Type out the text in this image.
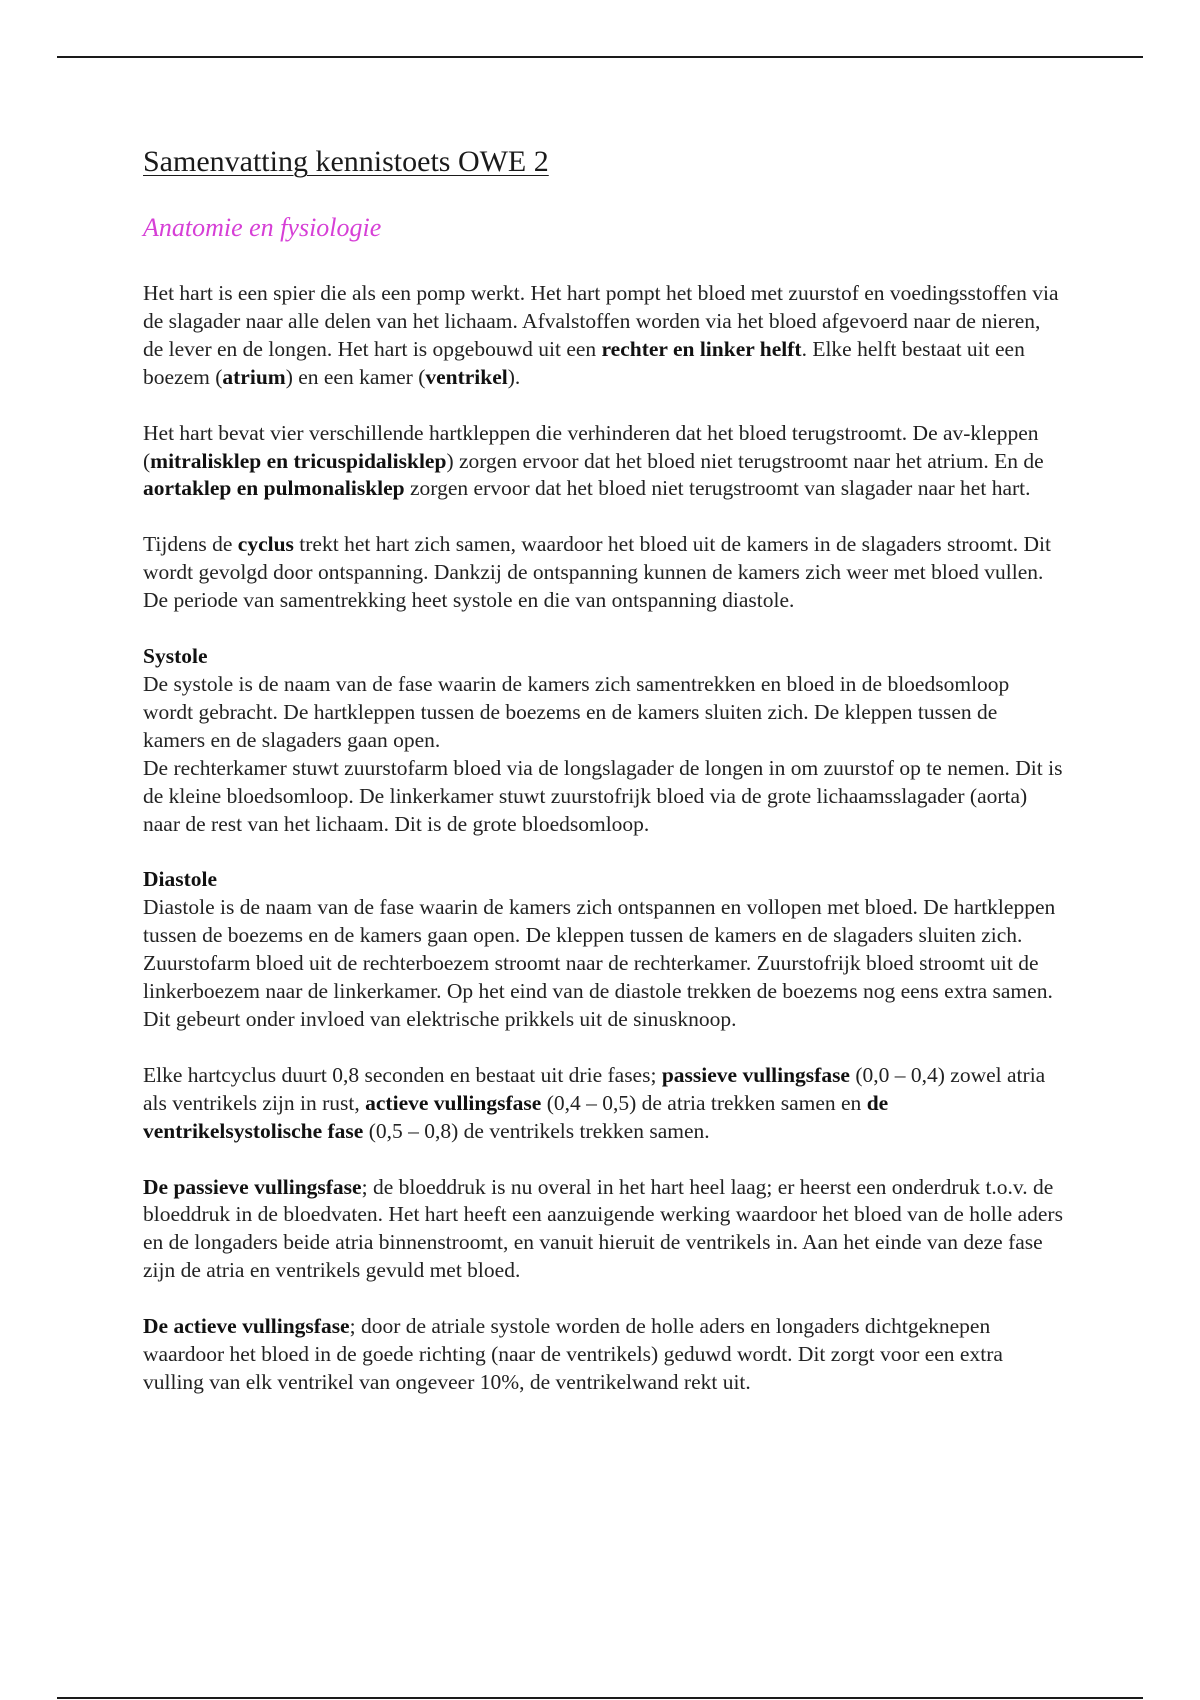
Samenvatting kennistoets OWE 2
Anatomie en fysiologie

Het hart is een spier die als een pomp werkt. Het hart pompt het bloed met zuurstof en voedingsstoffen via de slagader naar alle delen van het lichaam. Afvalstoffen worden via het bloed afgevoerd naar de nieren, de lever en de longen. Het hart is opgebouwd uit een rechter en linker helft. Elke helft bestaat uit een boezem (atrium) en een kamer (ventrikel).

Het hart bevat vier verschillende hartkleppen die verhinderen dat het bloed terugstroomt. De av-kleppen (mitralisklep en tricuspidalisklep) zorgen ervoor dat het bloed niet terugstroomt naar het atrium. En de aortaklep en pulmonalisklep zorgen ervoor dat het bloed niet terugstroomt van slagader naar het hart.

Tijdens de cyclus trekt het hart zich samen, waardoor het bloed uit de kamers in de slagaders stroomt. Dit wordt gevolgd door ontspanning. Dankzij de ontspanning kunnen de kamers zich weer met bloed vullen. De periode van samentrekking heet systole en die van ontspanning diastole.

Systole

De systole is de naam van de fase waarin de kamers zich samentrekken en bloed in de bloedsomloop wordt gebracht. De hartkleppen tussen de boezems en de kamers sluiten zich. De kleppen tussen de kamers en de slagaders gaan open.

De rechterkamer stuwt zuurstofarm bloed via de longslagader de longen in om zuurstof op te nemen. Dit is de kleine bloedsomloop. De linkerkamer stuwt zuurstofrijk bloed via de grote lichaamsslagader (aorta) naar de rest van het lichaam. Dit is de grote bloedsomloop.

Diastole

Diastole is de naam van de fase waarin de kamers zich ontspannen en vollopen met bloed. De hartkleppen tussen de boezems en de kamers gaan open. De kleppen tussen de kamers en de slagaders sluiten zich. Zuurstofarm bloed uit de rechterboezem stroomt naar de rechterkamer. Zuurstofrijk bloed stroomt uit de linkerboezem naar de linkerkamer. Op het eind van de diastole trekken de boezems nog eens extra samen. Dit gebeurt onder invloed van elektrische prikkels uit de sinusknoop.

Elke hartcyclus duurt 0,8 seconden en bestaat uit drie fases; passieve vullingsfase (0,0 – 0,4) zowel atria als ventrikels zijn in rust, actieve vullingsfase (0,4 – 0,5) de atria trekken samen en de ventrikelsystolische fase (0,5 – 0,8) de ventrikels trekken samen.

De passieve vullingsfase; de bloeddruk is nu overal in het hart heel laag; er heerst een onderdruk t.o.v. de bloeddruk in de bloedvaten. Het hart heeft een aanzuigende werking waardoor het bloed van de holle aders en de longaders beide atria binnenstroomt, en vanuit hieruit de ventrikels in. Aan het einde van deze fase zijn de atria en ventrikels gevuld met bloed.

De actieve vullingsfase; door de atriale systole worden de holle aders en longaders dichtgeknepen waardoor het bloed in de goede richting (naar de ventrikels) geduwd wordt. Dit zorgt voor een extra vulling van elk ventrikel van ongeveer 10%, de ventrikelwand rekt uit.
